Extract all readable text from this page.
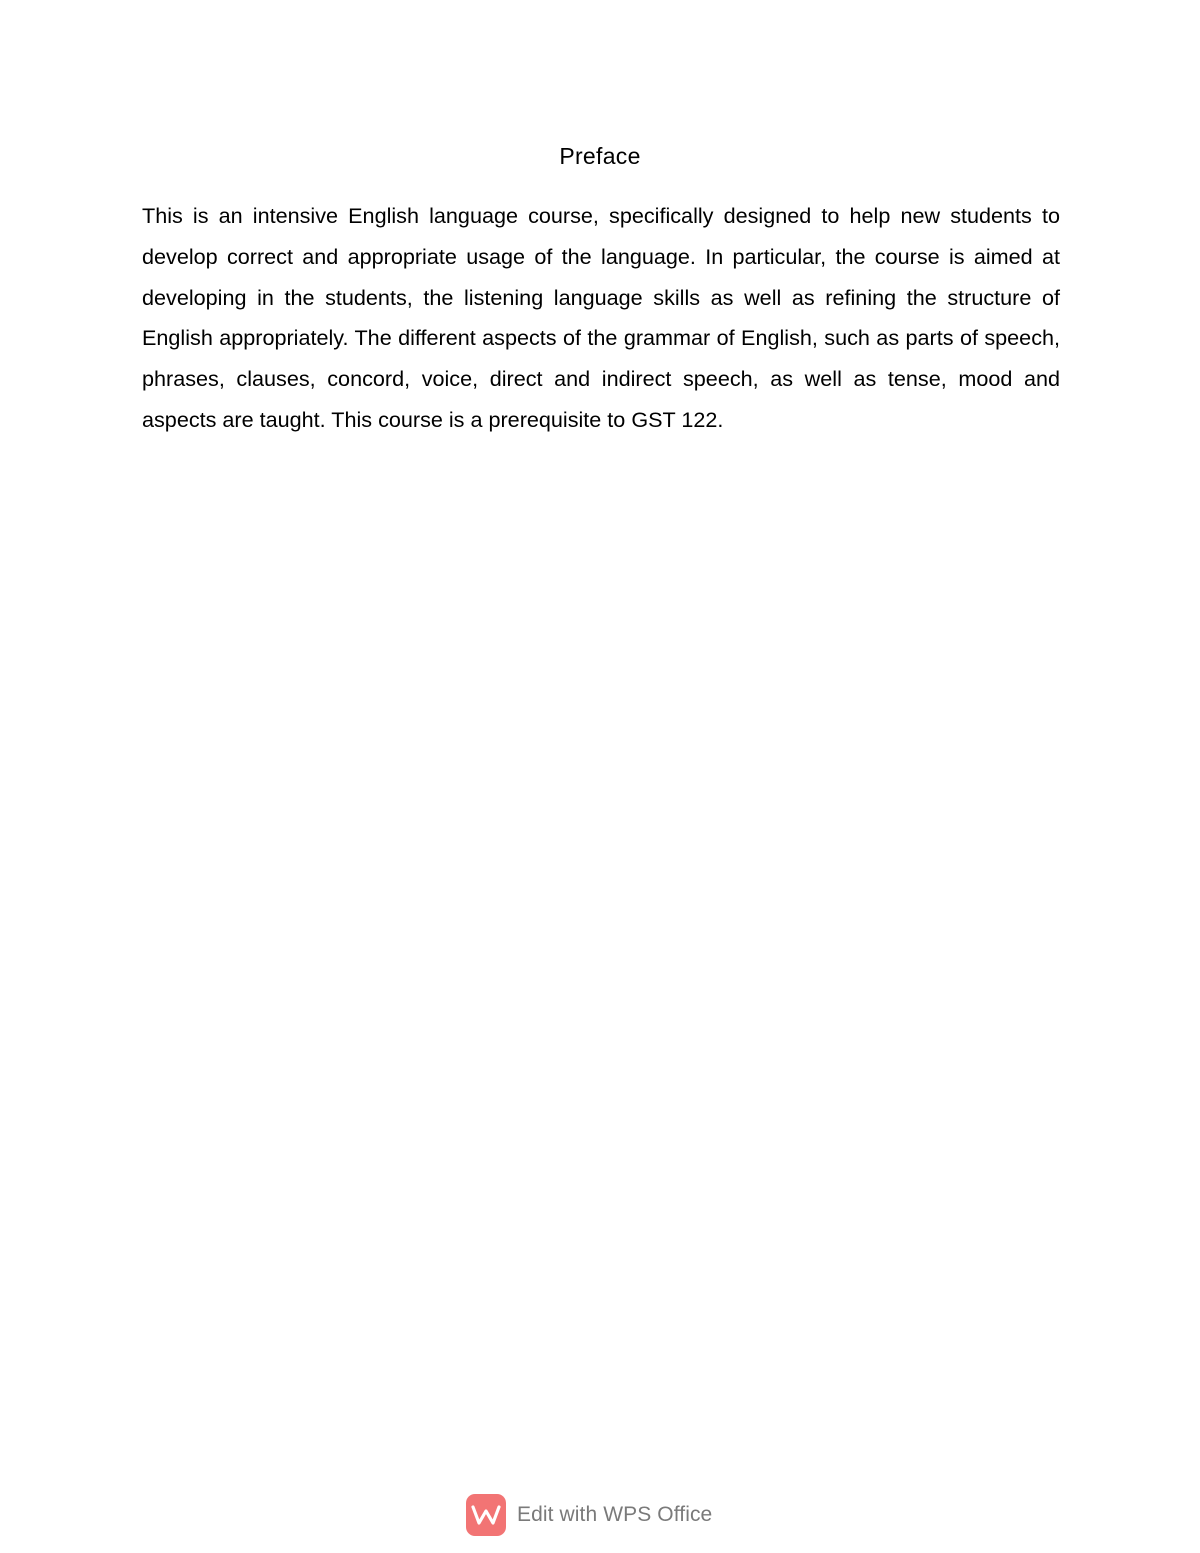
Preface

This is an intensive English language course, specifically designed to help new students to develop correct and appropriate usage of the language. In particular, the course is aimed at developing in the students, the listening language skills as well as refining the structure of English appropriately. The different aspects of the grammar of English, such as parts of speech, phrases, clauses, concord, voice, direct and indirect speech, as well as tense, mood and aspects are taught. This course is a prerequisite to GST 122.

Edit with WPS Office
